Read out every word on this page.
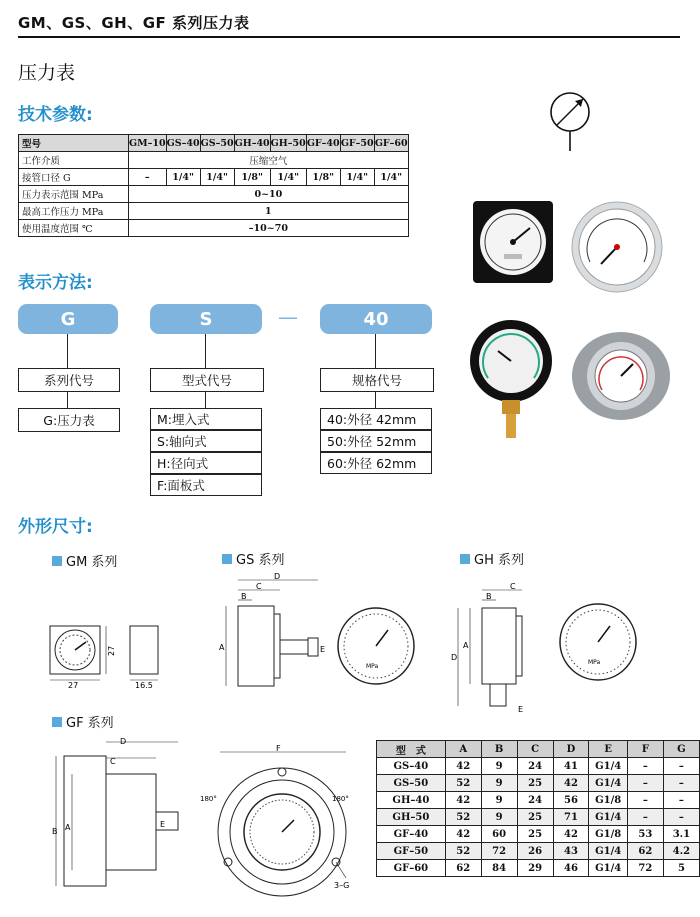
GM、GS、GH、GF 系列压力表
压力表
技术参数:
型号	GM–10	GS–40	GS–50	GH–40	GH–50	GF–40	GF–50	GF–60
工作介质	压缩空气							
接管口径 G	–	1/4"	1/4"	1/8"	1/4"	1/8"	1/4"	1/4"
压力表示范围 MPa	0~10							
最高工作压力 MPa	1							
使用温度范围 ℃	–10~70							
表示方法:
G	S	—	40
系列代号
G:压力表
型式代号
M:埋入式
S:轴向式
H:径向式
F:面板式
规格代号
40:外径 42mm
50:外径 52mm
60:外径 62mm
外形尺寸:
GM 系列	GS 系列	GH 系列
GF 系列
27
27
16.5
D
C
B
A	E
MPa
C
B
D
A
E
MPa
D
C
B A	E
F
180°	180°
3–G
型　式	A	B	C	D	E	F	G
GS–40	42	9	24	41	G1/4	–	–
GS–50	52	9	25	42	G1/4	–	–
GH–40	42	9	24	56	G1/8	–	–
GH–50	52	9	25	71	G1/4	–	–
GF–40	42	60	25	42	G1/8	53	3.1
GF–50	52	72	26	43	G1/4	62	4.2
GF–60	62	84	29	46	G1/4	72	5
